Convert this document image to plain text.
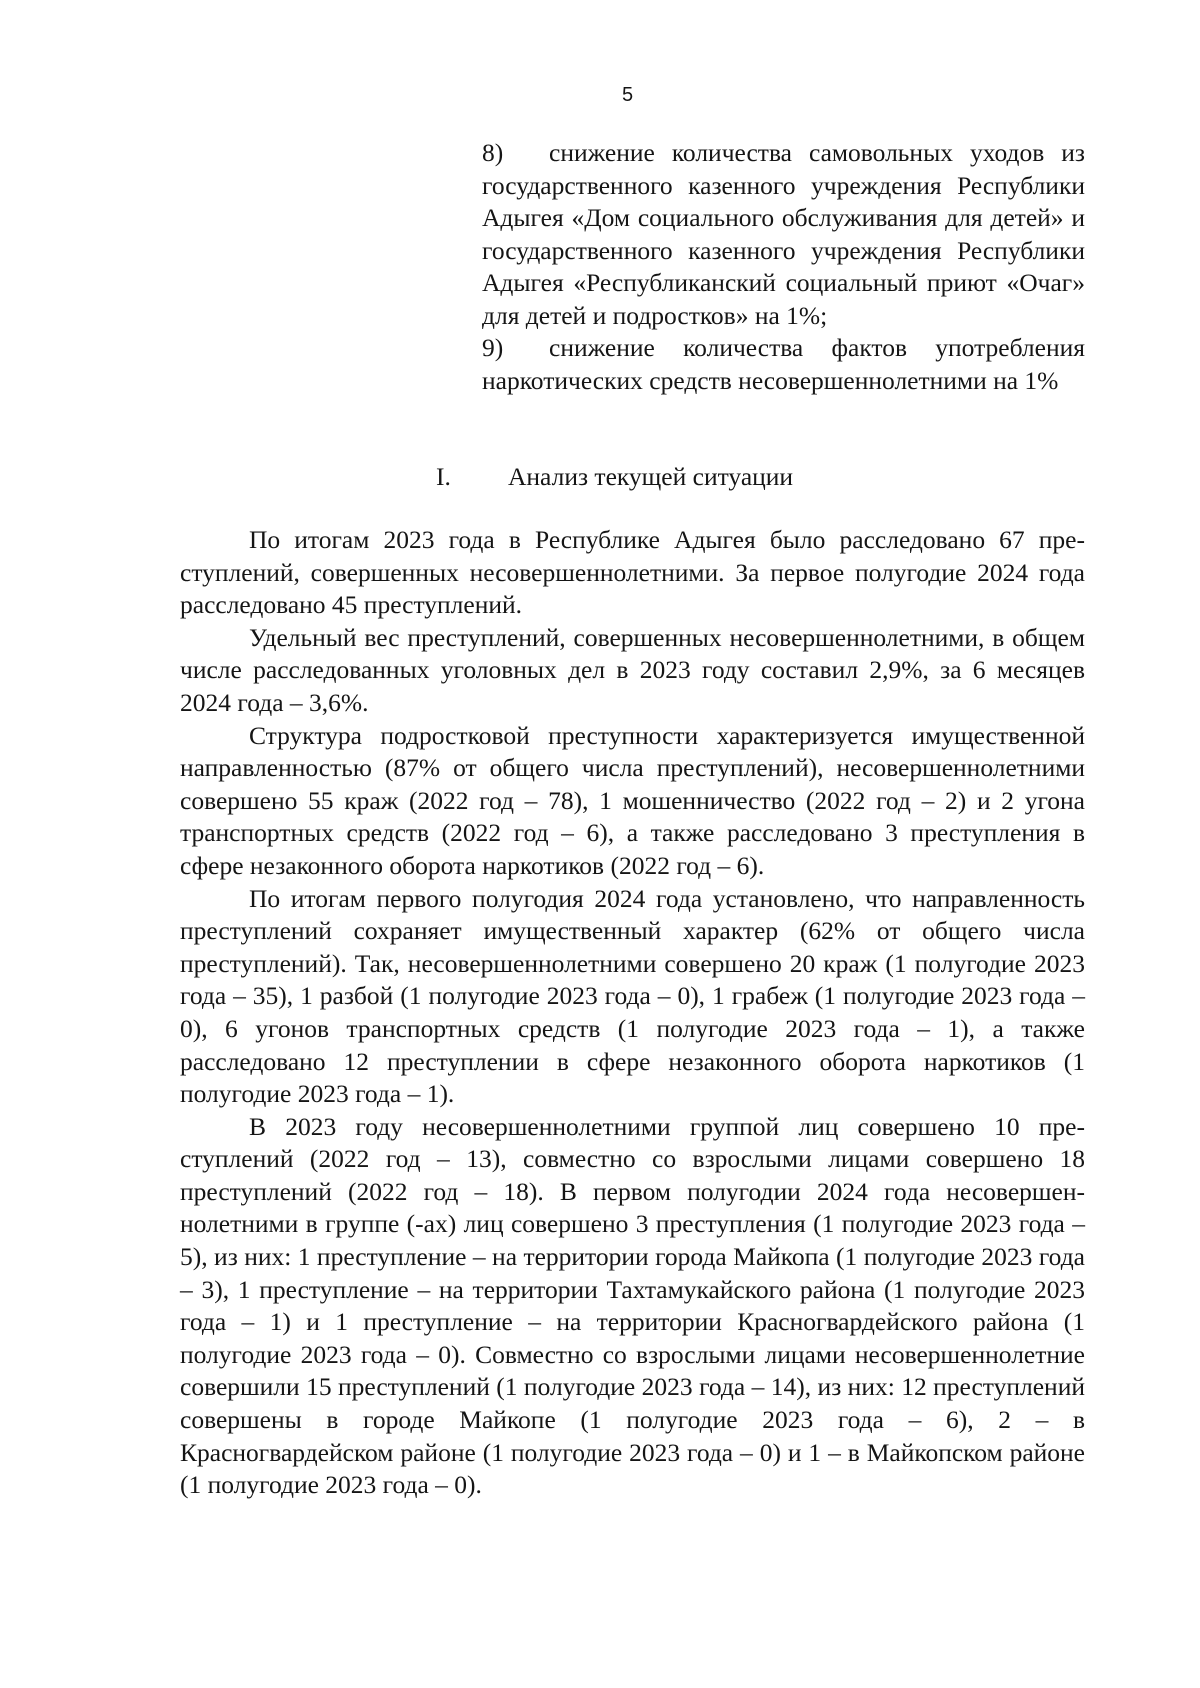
5

8) снижение количества самовольных уходов из государственного казенного учреждения Республики Адыгея «Дом социального обслуживания для детей» и государственного казенного учреждения Республики Адыгея «Республиканский социальный приют «Очаг» для детей и подростков» на 1%;

9) снижение количества фактов употребления наркотических средств несовершеннолетними на 1%

I. Анализ текущей ситуации

По итогам 2023 года в Республике Адыгея было расследовано 67 преступлений, совершенных несовершеннолетними. За первое полугодие 2024 года расследовано 45 преступлений.

Удельный вес преступлений, совершенных несовершеннолетними, в общем числе расследованных уголовных дел в 2023 году составил 2,9%, за 6 месяцев 2024 года – 3,6%.

Структура подростковой преступности характеризуется имущественной направленностью (87% от общего числа преступлений), несовершеннолетними совершено 55 краж (2022 год – 78), 1 мошенничество (2022 год – 2) и 2 угона транспортных средств (2022 год – 6), а также расследовано 3 преступления в сфере незаконного оборота наркотиков (2022 год – 6).

По итогам первого полугодия 2024 года установлено, что направленность преступлений сохраняет имущественный характер (62% от общего числа преступлений). Так, несовершеннолетними совершено 20 краж (1 полугодие 2023 года – 35), 1 разбой (1 полугодие 2023 года – 0), 1 грабеж (1 полугодие 2023 года – 0), 6 угонов транспортных средств (1 полугодие 2023 года – 1), а также расследовано 12 преступлении в сфере незаконного оборота наркотиков (1 полугодие 2023 года – 1).

В 2023 году несовершеннолетними группой лиц совершено 10 преступлений (2022 год – 13), совместно со взрослыми лицами совершено 18 преступлений (2022 год – 18). В первом полугодии 2024 года несовершеннолетними в группе (-ах) лиц совершено 3 преступления (1 полугодие 2023 года – 5), из них: 1 преступление – на территории города Майкопа (1 полугодие 2023 года – 3), 1 преступление – на территории Тахтамукайского района (1 полугодие 2023 года – 1) и 1 преступление – на территории Красногвардейского района (1 полугодие 2023 года – 0). Совместно со взрослыми лицами несовершеннолетние совершили 15 преступлений (1 полугодие 2023 года – 14), из них: 12 преступлений совершены в городе Майкопе (1 полугодие 2023 года – 6), 2 – в Красногвардейском районе (1 полугодие 2023 года – 0) и 1 – в Майкопском районе (1 полугодие 2023 года – 0).
